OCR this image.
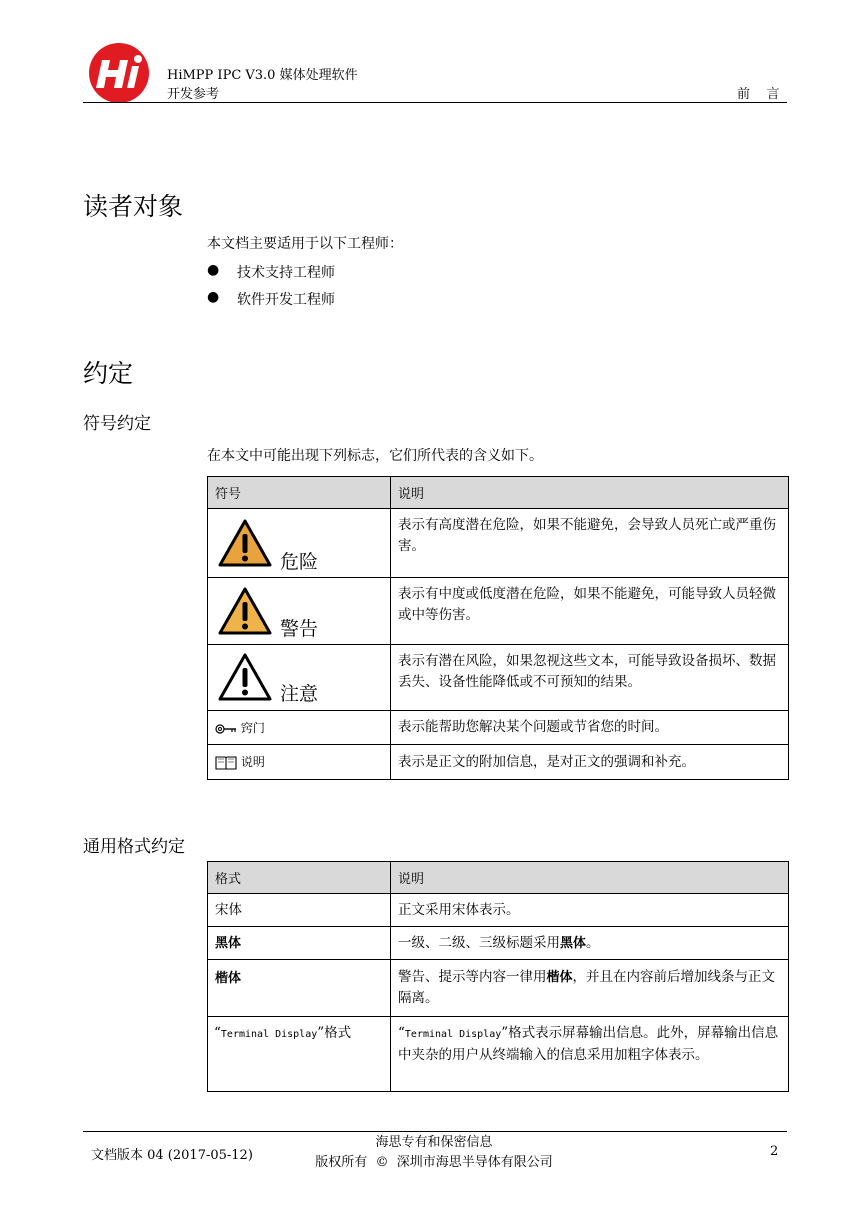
HiMPP IPC V3.0 媒体处理软件
开发参考	前    言
读者对象
本文档主要适用于以下工程师：
● 技术支持工程师
● 软件开发工程师
约定
符号约定
在本文中可能出现下列标志，它们所代表的含义如下。
符号	说明

危险	表示有高度潜在危险，如果不能避免，会导致人员死亡或严重伤害。

警告	表示有中度或低度潜在危险，如果不能避免，可能导致人员轻微或中等伤害。

注意	表示有潜在风险，如果忽视这些文本，可能导致设备损坏、数据丢失、设备性能降低或不可预知的结果。
窍门	表示能帮助您解决某个问题或节省您的时间。
说明	表示是正文的附加信息，是对正文的强调和补充。
通用格式约定
格式	说明
宋体	正文采用宋体表示。
黑体	一级、二级、三级标题采用黑体。
楷体	警告、提示等内容一律用楷体，并且在内容前后增加线条与正文隔离。
“Terminal Display”格式	“Terminal Display”格式表示屏幕输出信息。此外，屏幕输出信息中夹杂的用户从终端输入的信息采用加粗字体表示。
文档版本 04 (2017-05-12)
海思专有和保密信息
版权所有  ©  深圳市海思半导体有限公司
2
